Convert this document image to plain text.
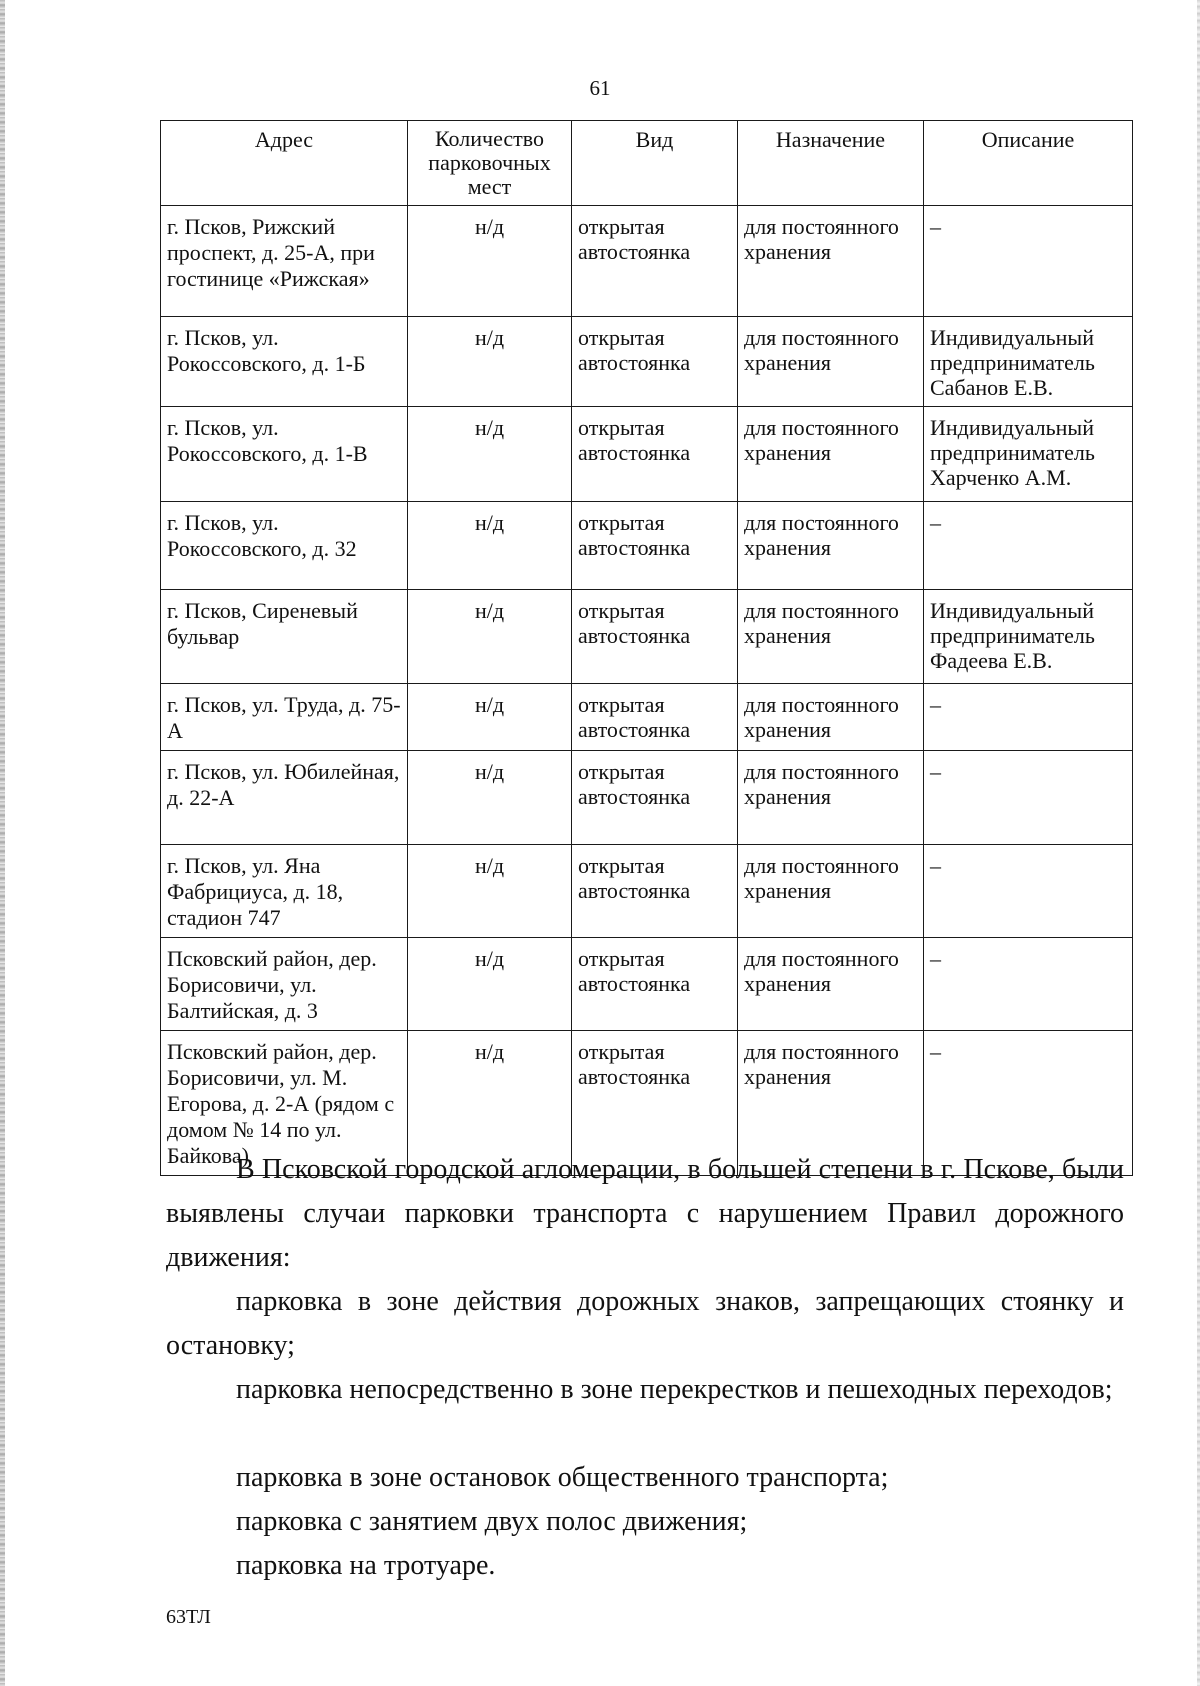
61
Адрес	Количество парковочных мест	Вид	Назначение	Описание
г. Псков, Рижский проспект, д. 25-А, при гостинице «Рижская»	н/д	открытая автостоянка	для постоянного хранения	–
г. Псков, ул. Рокоссовского, д. 1-Б	н/д	открытая автостоянка	для постоянного хранения	Индивидуальный предприниматель Сабанов Е.В.
г. Псков, ул. Рокоссовского, д. 1-В	н/д	открытая автостоянка	для постоянного хранения	Индивидуальный предприниматель Харченко А.М.
г. Псков, ул. Рокоссовского, д. 32	н/д	открытая автостоянка	для постоянного хранения	–
г. Псков, Сиреневый бульвар	н/д	открытая автостоянка	для постоянного хранения	Индивидуальный предприниматель Фадеева Е.В.
г. Псков, ул. Труда, д. 75-А	н/д	открытая автостоянка	для постоянного хранения	–
г. Псков, ул. Юбилейная, д. 22-А	н/д	открытая автостоянка	для постоянного хранения	–
г. Псков, ул. Яна Фабрициуса, д. 18, стадион 747	н/д	открытая автостоянка	для постоянного хранения	–
Псковский район, дер. Борисовичи, ул. Балтийская, д. 3	н/д	открытая автостоянка	для постоянного хранения	–
Псковский район, дер. Борисовичи, ул. М. Егорова, д. 2-А (рядом с домом № 14 по ул. Байкова)	н/д	открытая автостоянка	для постоянного хранения	–
В Псковской городской агломерации, в большей степени в г. Пскове, были выявлены случаи парковки транспорта с нарушением Правил дорожного движения:
парковка в зоне действия дорожных знаков, запрещающих стоянку и остановку;
парковка непосредственно в зоне перекрестков и пешеходных переходов;
парковка в зоне остановок общественного транспорта;
парковка с занятием двух полос движения;
парковка на тротуаре.
63ТЛ
